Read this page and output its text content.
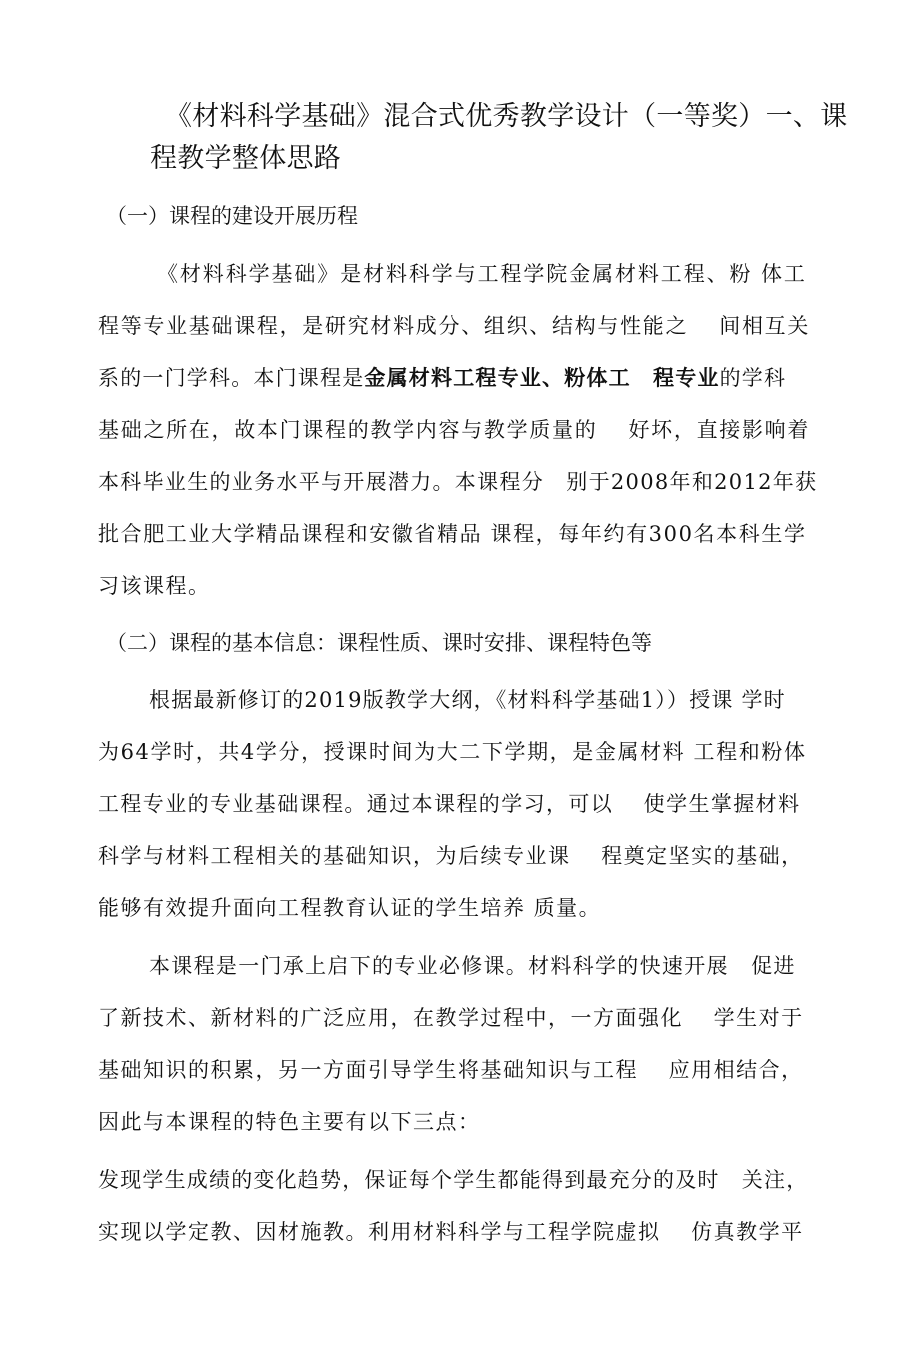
《材料科学基础》混合式优秀教学设计（一等奖）一、课程教学整体思路
（一）课程的建设开展历程
《材料科学基础》是材料科学与工程学院金属材料工程、粉 体工
程等专业基础课程，是研究材料成分、组织、结构与性能之　 间相互关
系的一门学科。本门课程是金属材料工程专业、粉体工　程专业的学科
基础之所在，故本门课程的教学内容与教学质量的　 好坏，直接影响着
本科毕业生的业务水平与开展潜力。本课程分　别于2008年和2012年获
批合肥工业大学精品课程和安徽省精品 课程，每年约有300名本科生学
习该课程。
（二）课程的基本信息：课程性质、课时安排、课程特色等
根据最新修订的2019版教学大纲，《材料科学基础1））授课 学时
为64学时，共4学分，授课时间为大二下学期，是金属材料 工程和粉体
工程专业的专业基础课程。通过本课程的学习，可以　 使学生掌握材料
科学与材料工程相关的基础知识，为后续专业课　 程奠定坚实的基础，
能够有效提升面向工程教育认证的学生培养 质量。
本课程是一门承上启下的专业必修课。材料科学的快速开展　促进
了新技术、新材料的广泛应用，在教学过程中，一方面强化　 学生对于
基础知识的积累，另一方面引导学生将基础知识与工程　 应用相结合，
因此与本课程的特色主要有以下三点：
发现学生成绩的变化趋势，保证每个学生都能得到最充分的及时　关注，
实现以学定教、因材施教。利用材料科学与工程学院虚拟　 仿真教学平
